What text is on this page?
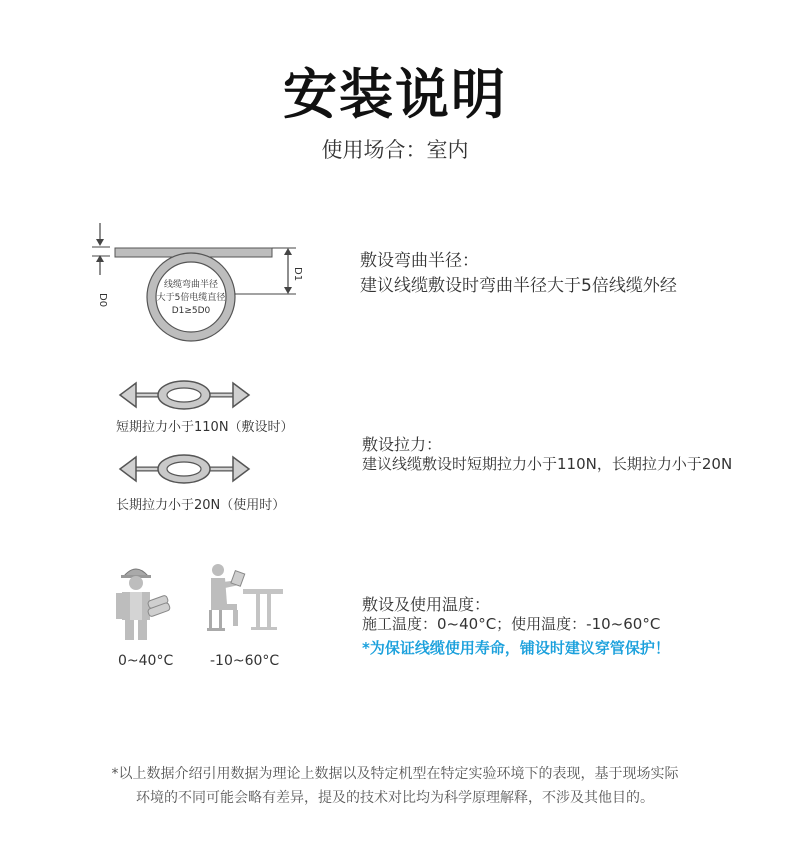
安装说明
使用场合：室内
D0
线缆弯曲半径
大于5倍电缆直径
D1≥5D0
D1
敷设弯曲半径：
建议线缆敷设时弯曲半径大于5倍线缆外经
短期拉力小于110N（敷设时）
长期拉力小于20N（使用时）
敷设拉力：
建议线缆敷设时短期拉力小于110N，长期拉力小于20N
0~40°C	-10~60°C
敷设及使用温度：
施工温度：0~40°C；使用温度：-10~60°C
*为保证线缆使用寿命，铺设时建议穿管保护！
*以上数据介绍引用数据为理论上数据以及特定机型在特定实验环境下的表现，基于现场实际
环境的不同可能会略有差异，提及的技术对比均为科学原理解释，不涉及其他目的。
